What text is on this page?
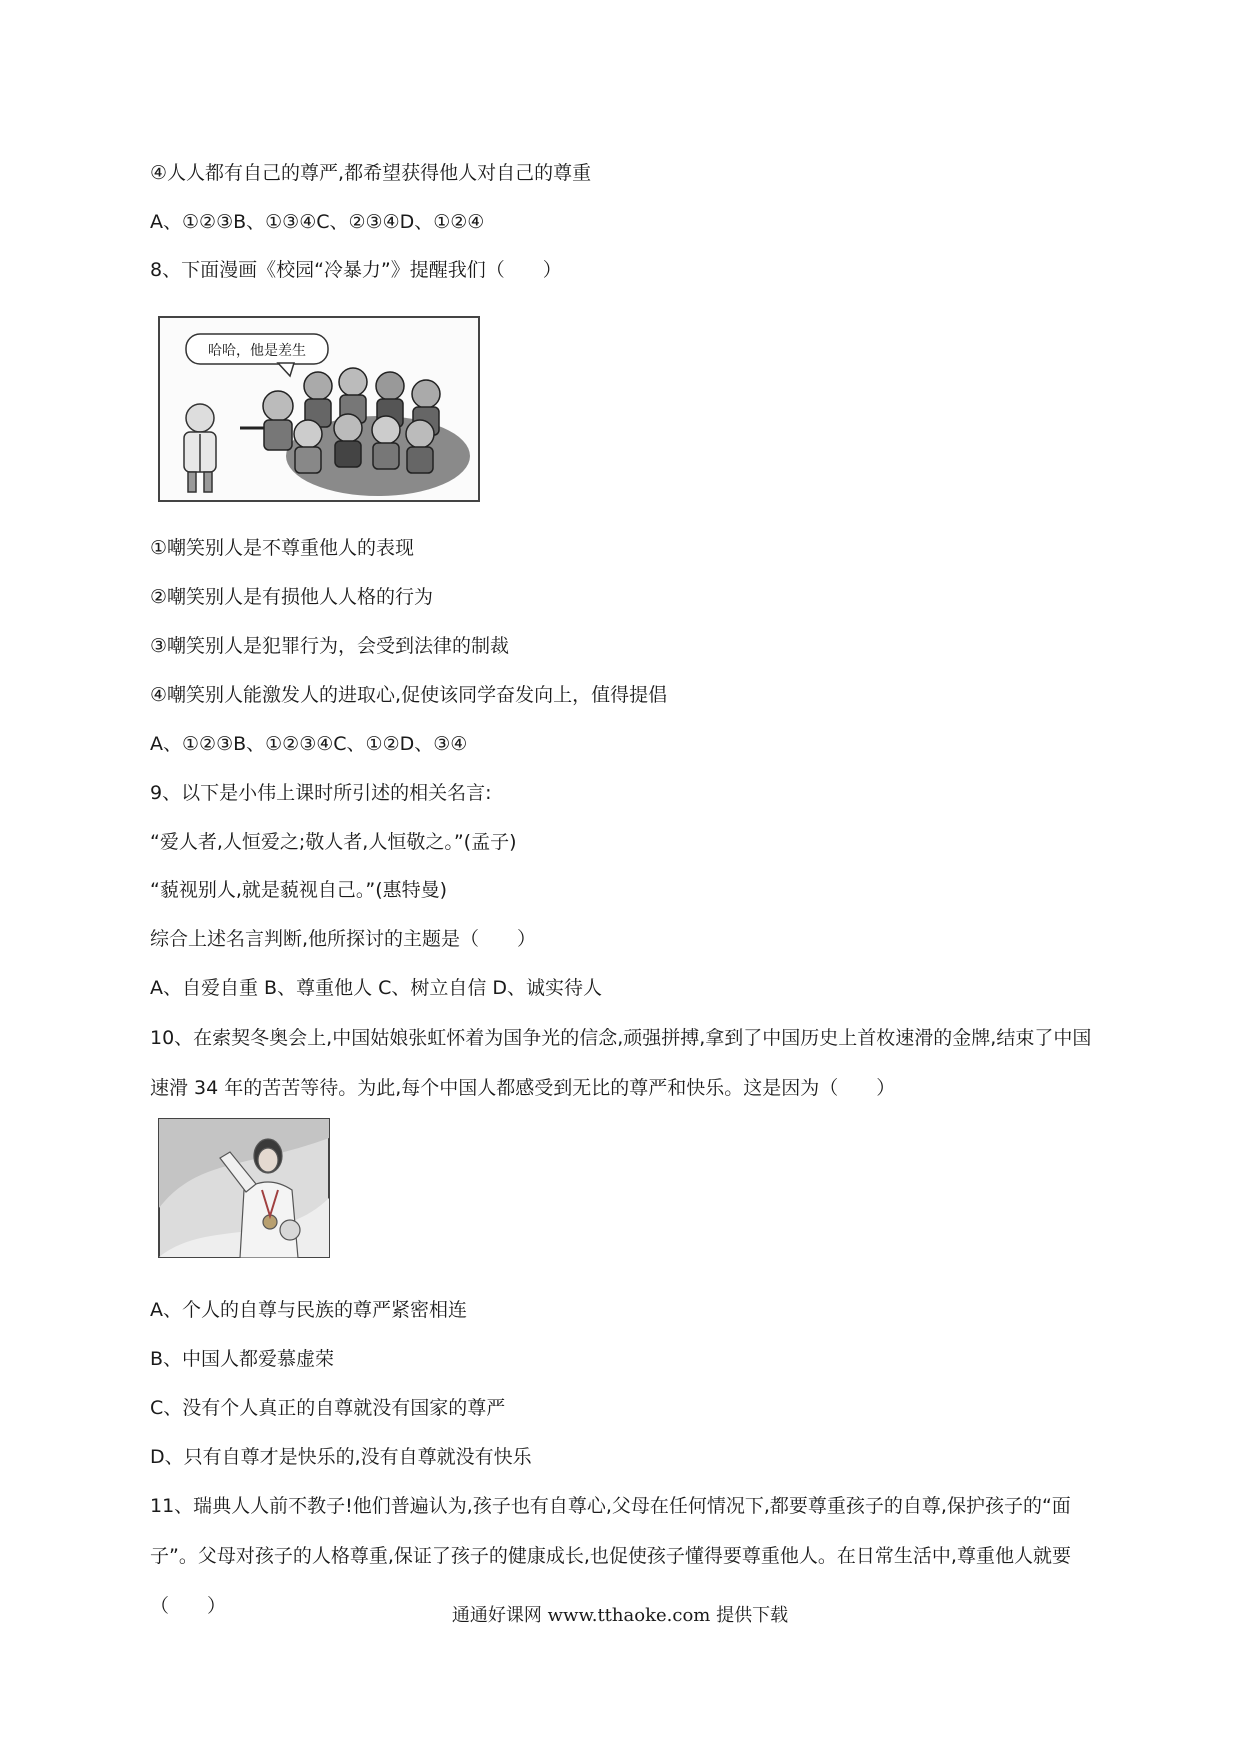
④人人都有自己的尊严,都希望获得他人对自己的尊重
A、①②③B、①③④C、②③④D、①②④
8、下面漫画《校园“冷暴力”》提醒我们（　　）
哈哈，他是差生
①嘲笑别人是不尊重他人的表现
②嘲笑别人是有损他人人格的行为
③嘲笑别人是犯罪行为，会受到法律的制裁
④嘲笑别人能激发人的进取心,促使该同学奋发向上，值得提倡
A、①②③B、①②③④C、①②D、③④
9、以下是小伟上课时所引述的相关名言:
“爱人者,人恒爱之;敬人者,人恒敬之。”(孟子)
“藐视别人,就是藐视自己。”(惠特曼)
综合上述名言判断,他所探讨的主题是（　　）
A、自爱自重 B、尊重他人 C、树立自信 D、诚实待人
10、在索契冬奥会上,中国姑娘张虹怀着为国争光的信念,顽强拼搏,拿到了中国历史上首枚速滑的金牌,结束了中国速滑 34 年的苦苦等待。为此,每个中国人都感受到无比的尊严和快乐。这是因为（　　）
A、个人的自尊与民族的尊严紧密相连
B、中国人都爱慕虚荣
C、没有个人真正的自尊就没有国家的尊严
D、只有自尊才是快乐的,没有自尊就没有快乐
11、瑞典人人前不教子!他们普遍认为,孩子也有自尊心,父母在任何情况下,都要尊重孩子的自尊,保护孩子的“面子”。父母对孩子的人格尊重,保证了孩子的健康成长,也促使孩子懂得要尊重他人。在日常生活中,尊重他人就要　（　　）	通通好课网 www.tthaoke.com 提供下载
